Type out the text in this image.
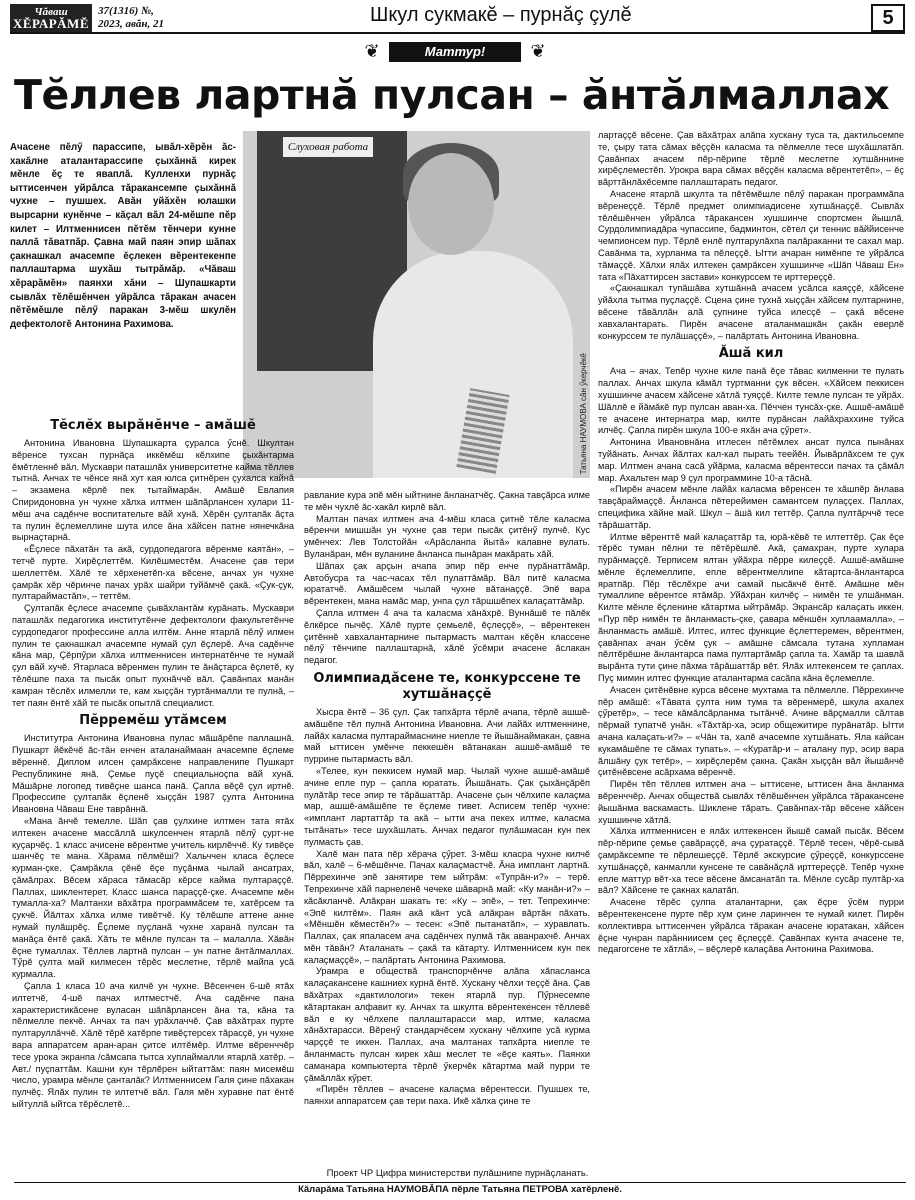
Чăваш
ХĔРАРĂМĔ
37(1316) №,
2023, авăн, 21	Шкул сукмакĕ – пурнăç çулĕ	5
❦	Маттур!	❦
Тĕллев лартнă пулсан – ăнтăлмаллах
Ачасене пĕлӳ парассипе, ывăл-хĕрĕн ăс-хакăлне аталантарассипе çыхăннă кирек мĕнле ĕç те яваплă. Кулленхи пурнăç ыттисенчен уйрăлса тăракансемпе çыхăннă чухне – пушшех. Авăн уйăхĕн юлашки вырсарни кунĕнче – кăçал вăл 24-мĕшпе пĕр килет – Илтменнисен пĕтĕм тĕнчери кунне паллă тăватпăр. Çавна май паян эпир шăпах çакнашкал ачасемпе ĕçлекен вĕрентекенпе паллаштарма шухăш тытрăмăр. «Чăваш хĕрарăмĕн» паянхи хăни – Шупашкарти сывлăх тĕлĕшĕнчен уйрăлса тăракан ачасен пĕтĕмĕшле пĕлӳ паракан 3-мĕш шкулĕн дефектологĕ Антонина Рахимова.
Слуховая работа
Татьяна НАУМОВА сăн ӳкерчĕкĕ

Тĕслĕх вырăнĕнче – амăшĕ

Антонина Ивановна Шупашкарта çуралса ӳснĕ. Шкултан вĕренсе тухсан пурнăçа иккĕмĕш кĕлхипе çыхăнтарма ĕмĕтленнĕ вăл. Мускаври паташлăх университетне кайма тĕллев тытнă. Анчах те чĕнсе янă хут кая юлса çитнĕрен çухалса кайнă – экзамена кĕрлĕ пек тытаймарăн. Амăшĕ Евлапия Спиридоновна ун чухне хăлха илтмен шăпăрлансен хулари 11-мĕш ача садĕнче воспитательте вăй хунă. Хĕрĕн çултапăк ăçта та пулин ĕçлемеллине шута илсе ăна хăйсен патне нянечкăна вырнаçтарнă.

«Ĕçлесе пăхатăн та акă, сурдопедагога вĕренме каятăн», – тетчĕ пурте. Хирĕçлеттĕм. Килĕшместĕм. Ачасене çав тери шеллеттĕм. Хăлĕ те хĕрхенетĕп-ха вĕсене, анчах ун чухне çамрăк хĕр чĕринче пачах урăх шайри туйăмчĕ çакă. «Çук-çук, пултараймастăп», – теттĕм.

Çултапăк ĕçлесе ачасемпе çывăхлантăм курăнать. Мускаври паташлăх педагогика институтĕнче дефектологи факультетĕнче сурдопедагог профессине алла илтĕм. Анне ятарлă пĕлӳ илмен пулин те çакнашкал ачасемпе нумай çул ĕçлерĕ. Ача садĕнче кăна мар, Çĕрпӳри хăлха илтменнисен интернатĕнче те нумай çул вăй хучĕ. Ятарласа вĕренмен пулин те ăнăçтарса ĕçлетĕ, ку тĕлĕшпе паха та пысăк опыт пухнăччĕ вăл. Çавăнпах манăн камран тĕслĕх илмелли те, кам хыççăн туртăнмалли те пулнă, – тет паян ĕнтĕ хăй те пысăк опытлă специалист.

Пĕрремĕш утăмсем

Институтра Антонина Ивановна пулас мăшăрĕпе паллашнă. Пушкарт йĕкĕчĕ ăс-тăн енчен аталанаймаан ачасемпе ĕçлеме вĕреннĕ. Диплом илсен çамрăксене направленипе Пушкарт Республикине янă. Çемье пуçĕ специальноçпа вăй хунă. Мăшăрне логопед тивĕçне шанса панă. Çапла вĕçĕ çул иртнĕ. Профессипе çултапăк ĕçленĕ хыççăн 1987 çулта Антонина Ивановна Чăваш Ене таврăннă.

«Мана ăнчĕ темелле. Шăп çав çулхине илтмен тата ятăх илтекен ачасене массăллă шкулсенчен ятарлă пĕлӳ çурт-не куçарчĕç. 1 класс ачисене вĕрентме учитель кирлĕччĕ. Ку тивĕçе шанчĕç те мана. Хăрама пĕлмĕшi? Хальччен класа ĕçлесе курман-çке. Çамрăкла çĕнĕ ĕçе пуçăнма чылай ансатрах, çăмăлрах. Вĕсем хăраса тăмасăр кĕрсе кайма пултараççĕ. Паллах, шиклентерет. Класс шанса параççĕ-çке. Ачасемпе мĕн тумалла-ха? Малтанхи вăхăтра программăсем те, хатĕрсем та çукчĕ. Йăлтах хăлха илме тивĕтчĕ. Ку тĕлĕшпе аттене анне нумай пулăшрĕç. Ĕçлеме пуçланă чухне харанă пулсан та манăçа ĕнтĕ çакă. Хăть те мĕнле пулсан та – малалла. Хăвăн ĕçне тумаллах. Тĕллев лартнă пулсан – ун патне ăнтăлмаллах. Тӳрĕ çулта май килмесен тĕрĕс меслетне, тĕрлĕ майпа усă курмалла.

Çапла 1 класа 10 ача килчĕ ун чухне. Вĕсенчен 6-шĕ ятăх илтетчĕ, 4-шĕ пачах илтместчĕ. Ача садĕнче пана характеристикăсене вуласан шăпăрлансен ăна та, кăна та пĕлмелле пекчĕ. Анчах та пач урăхлаччĕ. Çав вăхăтрах пурте пултаруллăччĕ. Хăлĕ тĕрĕ хатĕрпе тивĕçтерсех тăрасçĕ, ун чухне вара аппаратсем аран-аран çитсе илтĕмĕр. Илтме вĕренччĕр тесе урока экранпа /сăмсапа тытса хуплаймалли ятарлă хатĕр. – Авт./ пуçпаттăм. Кашни кун тĕрлĕрен ыйтаттăм: паян мисемĕш число, урамра мĕнле çанталăк? Илтменнисем Галя çине пăхакан пулчĕç. Ялăх пулин те илтетчĕ вăл. Галя мĕн хуравне пат ĕнтĕ ыйтуллă ыйтса тĕрĕслетĕ...

равлание кура эпĕ мĕн ыйтнине ăнланатчĕç. Çакна тавçăрса илме те мĕн чухлĕ ăс-хакăл кирлĕ вăл.

Малтан пачах илтмен ача 4-мĕш класа çитнĕ тĕле каласма вĕренчи мишшăн ун чухне çав тери пысăк çитĕнӳ пулчĕ. Кус умĕнчех: Лев Толстойăн «Арăсланпа йытă» калавне вулать. Вуланăран, мĕн вуланине ăнланса пынăран макăрать хăй.

Шăпах çак арçын ачапа эпир пĕр енче пурăнаттăмăр. Автобусра та час-часах тĕл пулаттăмăр. Вăл питĕ каласма юрататчĕ. Амăшĕсем чылай чухне вăтанаççĕ. Эпĕ вара вĕрентекен, мана намăс мар, унпа çул тăршшĕпех калаçаттăмăр.

Çапла илтмен 4 ача та каласма хăнăхрĕ. Вуннăшĕ те пăлĕк ĕлкĕрсе пычĕç. Хăлĕ пурте çемьелĕ, ĕçлеççĕ», – вĕрентекен çитĕннĕ хавхалантарнине пытармасть малтан кĕçĕн классене пĕлӳ тĕнчипе паллаштарнă, хăлĕ ӳсĕмри ачасене ăслакан педагог.

Олимпиадăсене те, конкурссене те хутшăнаççĕ

Хысра ĕнтĕ – 36 çул. Çак тапхăрта тĕрлĕ ачапа, тĕрлĕ ашшĕ-амăшĕпе тĕл пулнă Антонина Ивановна. Ачи лайăх илтменнине, лайăх каласма пултараймаснине ниепле те йышăнаймакан, çавна май ыттисен умĕнче пеккешĕн вăтанакан ашшĕ-амăшĕ те пуррине пытармасть вăл.

«Телее, кун пеккисем нумай мар. Чылай чухне ашшĕ-амăшĕ ачине епле пур – çапла юратать. Йышăнать. Çак çыхăнçăрĕп пулăтăр тесе эпир те тăрăшаттăр. Ачасене çын чĕлхипе калаçма мар, ашшĕ-амăшĕпе те ĕçлеме тивет. Асписем тепĕр чухне: «имплант лартаттăр та акă – ытти ача пекех илтме, каласма тытăнать» тесе шухăшлать. Анчах педагог пулăшмасан кун пек пулмасть çав.

Халĕ ман пата пĕр хĕрача çӳрет. 3-мĕш класра чухне килчĕ вăл, халĕ – 6-мĕшĕнче. Пачах калаçмастчĕ. Ăна имплант лартнă. Пĕррехинче эпĕ занятире тем ыйтрăм: «Тупрăн-и?» – терĕ. Тепрехинче хăй парнеленĕ чечеке шăварнă май: «Ку манăн-и?» – кăсăкланчĕ. Алăкран шакать те: «Ку – эпĕ», – тет. Тепрехинче: «Эпĕ килтĕм». Паян акă кăнт усă алăкран вăртăн пăхать. «Мĕншĕн кĕместĕн?» – тесен: «Эпĕ пытанатăп», – хуравлать. Паллах, çак япаласем ача садĕнчех пулмă тăк аванрахчĕ. Анчах мĕн тăвăн? Аталанать – çакă та кăтарту. Илтменнисем кун пек калаçмаççĕ», – палăртать Антонина Рахимова.

Урамра е обществă транспорчĕнче алăпа хăпасланса калаçакансене кашниех курнă ĕнтĕ. Хускану чĕлхи теççĕ ăна. Çав вăхăтрах «дактилологи» текен ятарлă пур. Пӳрнесемпе кăтартакан алфавит ку. Анчах та шкулта вĕрентекенсен тĕллевĕ вăл е ку чĕлхепе паллаштарасси мар, илтме, каласма хăнăхтарасси. Вĕренӳ стандарчĕсем хускану чĕлхипе усă курма чарççĕ те иккен. Паллах, ача малтанах тапхăрта ниепле те ăнланмасть пулсан кирек хăш меслет те «ĕçе каять». Паянхи саманара компьютерта тĕрлĕ ӳкерчĕк кăтартма май пурри те çăмăллăх кӳрет.

«Пирĕн тĕллев – ачасене калаçма вĕрентесси. Пушшех те, паянхи аппаратсем çав тери паха. Икĕ хăлха çине те

лартаççĕ вĕсене. Çав вăхăтрах алăпа хускану туса та, дактильсемпе те, çыру тата сăмах вĕççĕн каласма та пĕлмелле тесе шухăшлатăп. Çавăнпах ачасем пĕр-пĕрипе тĕрлĕ меслетпе хутшăннине хирĕçлеместĕп. Урокра вара сăмах вĕççĕн каласма вĕрентетĕп», – ĕç вăрттăнлăхĕсемпе паллаштарать педагог.

Ачасене ятарлă шкулта та пĕтĕмĕшле пĕлӳ паракан программăпа вĕренеççĕ. Тĕрлĕ предмет олимпиадисене хутшăнаççĕ. Сывлăх тĕлĕшĕнчен уйрăлса тăракансен хушшинче спортсмен йышлă. Сурдолимпиадăра чупассипе, бадминтон, сĕтел çи теннис вăййисенче чемпионсем пур. Тĕрлĕ енлĕ пултарулăхпа палăраканни те сахал мар. Савăнма та, хурланма та пĕлеççĕ. Ытти ачаран нимĕнпе те уйрăлса тăмаççĕ. Хăлхи ялăх илтекен çамрăксен хушшинче «Шăп Чăваш Ен» тата «Пăхаттирсен застави» конкурссем те ирттереççĕ.

«Çакнашкал тупăшăва хутшăннă ачасем усăлса каяççĕ, хăйсене уйăхла тытма пуçлаççĕ. Сцена çине тухнă хыççăн хăйсем пултарнине, вĕсене тăвăллăн алă çупнине туйса илесçĕ – çакă вĕсене хавхалантарать. Пирĕн ачасене аталанмашкăн çакăн еверлĕ конкурссем те пулăшаççĕ», – палăртать Антонина Ивановна.

Ăшă кил

Ача – ачах. Тепĕр чухне киле панă ĕçе тăвас килменни те пулать паллах. Анчах шкула кăмăл туртманни çук вĕсен. «Хăйсем пеккисен хушшинче ачасем хăйсене хăтлă туяççĕ. Килте темле пулсан те уйрăх. Шăллĕ е йăмăкĕ пур пулсан аван-ха. Пĕччен тунсăх-çке. Ашшĕ-амăшĕ те ачасене интернатра мар, килте пурăнсан лайăхраххине туйса илчĕç. Çапла пирĕн шкула 100-е яхăн ача çӳрет».

Антонина Ивановнăна итлесен пĕтĕмлех ансат пулса пынăнах туйăнать. Анчах йăлтах кал-кал пырать теейĕн. Йывăрлăхсем те çук мар. Илтмен ачана сасă уйăрма, каласма вĕрентесси пачах та çăмăл мар. Ахальтен мар 9 çул программине 10-а тăснă.

«Пирĕн ачасем мĕнле лайăх каласма вĕренсен те хăшпĕр ăнлава тавçăраймаççĕ. Ăнланса пĕтерейимен самантсем пулаççех. Паллах, специфика хăйне май. Шкул – ăшă кил теттĕр. Çапла пултăрччĕ тесе тăрăшаттăр.

Илтме вĕренттĕ май калаçаттăр та, юрă-кĕвĕ те илтеттĕр. Çак ĕçе тĕрĕс туман пĕлни те пĕтĕрĕшлĕ. Акă, çамахран, пурте хулара пурăнмаççĕ. Терписем ялтан уйăхра пĕрре килеççĕ. Ашшĕ-амăшне мĕнле ĕçлемеллипе, епле вĕрентмеллипе кăтартса-ăнлантарса яратпăр. Пĕр тĕслĕхре ачи самай пысăкчĕ ĕнтĕ. Амăшне мĕн тумаллипе вĕрентсе ятăмăр. Уйăхран килчĕç – нимĕн те улшăнман. Килте мĕнле ĕçленине кăтартма ыйтрăмăр. Экрансăр калаçать иккен. «Пур пĕр нимĕн те ăнланмасть-çке, çавара мĕншĕн хуплаамалла», – ăнланмасть амăшĕ. Илтес, илтес функцие ĕçлеттеремен, вĕрентмен, çавăнпах ачан ӳсĕм çук – амăшне сăмсала тутана хупламан пĕлтĕрĕшне ăнлантарса пама пултартăмăр çапла та. Хамăр та шавлă вырăнта тути çине пăхма тăрăшаттăр вĕт. Ялăх илтекенсем те çаплах. Пуç мимин илтес функцие аталантарма сасăпа кăна ĕçлемелле.

Ачасен çитĕнĕвне курса вĕсене мухтама та пĕлмелле. Пĕррехинче пĕр амăшĕ: «Тăвата çулта ним тума та вĕренмерĕ, шкула ахалех çӳретĕр», – тесе кăмăлсăрланма тытăнчĕ. Ачине вăрçмалли сăлтав пĕрмай тупатчĕ унăн. «Тăхтăр-ха, эсир общежитире пурăнатăр. Ытти ачана калаçать-и?» – «Чăн та, халĕ ачасемпе хутшăнать. Яла кайсан кукамăшĕпе те сăмах тупать». – «Куратăр-и – аталану пур, эсир вара ăлшăну çук тетĕр», – хирĕçлерĕм çакна. Çакăн хыççăн вăл йышăнчĕ çитĕнĕвсене асăрхама вĕренчĕ.

Пирĕн тĕп тĕллев илтмен ача – ыттисене, ыттисен ăна ăнланма вĕренччĕр. Анчах обществă сывлăх тĕлĕшĕнчен уйрăлса тăракансене йышăнма васкамасть. Шиклене тăрать. Çавăнпах-тăр вĕсене хăйсен хушшинче хăтлă.

Хăлха илтменнисен е ялăх илтекенсен йышĕ самай пысăк. Вĕсем пĕр-пĕрипе çемье çавăраççĕ, ача çуратаççĕ. Тĕрлĕ тесен, чĕрĕ-сывă çамрăксемпе те пĕрлешеççĕ. Тĕрлĕ экскурсие çӳреççĕ, конкурссене хутшăнаççĕ, канмалли кунсене те савăнăçлă ирттереççĕ. Тепĕр чухне епле маттур вĕт-ха тесе вĕсене ăмсанатăп та. Мĕнле сусăр пултăр-ха вăл? Хăйсене те çакнах калатăп.

Ачасене тĕрĕс çулпа аталантарни, çак ĕçре ӳсĕм пурри вĕрентекенсене пурте пĕр хум çине ларинчен те нумай килет. Пирĕн коллективра ыттисенчен уйрăлса тăракан ачасене юратакан, хăйсен ĕçне чунран парăнниисем çеç ĕçлеççĕ. Çавăнпах кунта ачасене те, педагогсене те хăтлă», – вĕçлерĕ калаçăва Антонина Рахимова.

Проект ЧР Цифра министерстви пулăшнипе пурнăçланать.
Кăларăма Татьяна НАУМОВĂПА пĕрле Татьяна ПЕТРОВА хатĕрленĕ.
